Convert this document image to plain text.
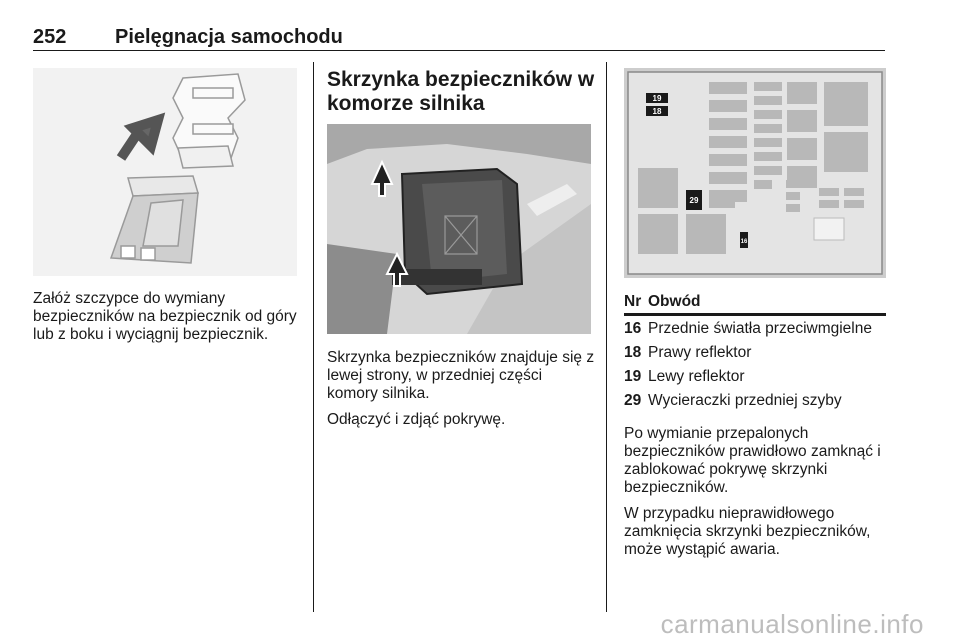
252 Pielęgnacja samochodu

Załóż szczypce do wymiany bezpieczników na bezpiecznik od góry lub z boku i wyciągnij bezpiecznik.

Skrzynka bezpieczników w komorze silnika

Skrzynka bezpieczników znajduje się z lewej strony, w przedniej części komory silnika.

Odłączyć i zdjąć pokrywę.

19
18
29
16
Nr	Obwód
16	Przednie światła przeciwmgielne
18	Prawy reflektor
19	Lewy reflektor
29	Wycieraczki przedniej szyby

Po wymianie przepalonych bezpieczników prawidłowo zamknąć i zablokować pokrywę skrzynki bezpieczników.

W przypadku nieprawidłowego zamknięcia skrzynki bezpieczników, może wystąpić awaria.

carmanualsonline.info
